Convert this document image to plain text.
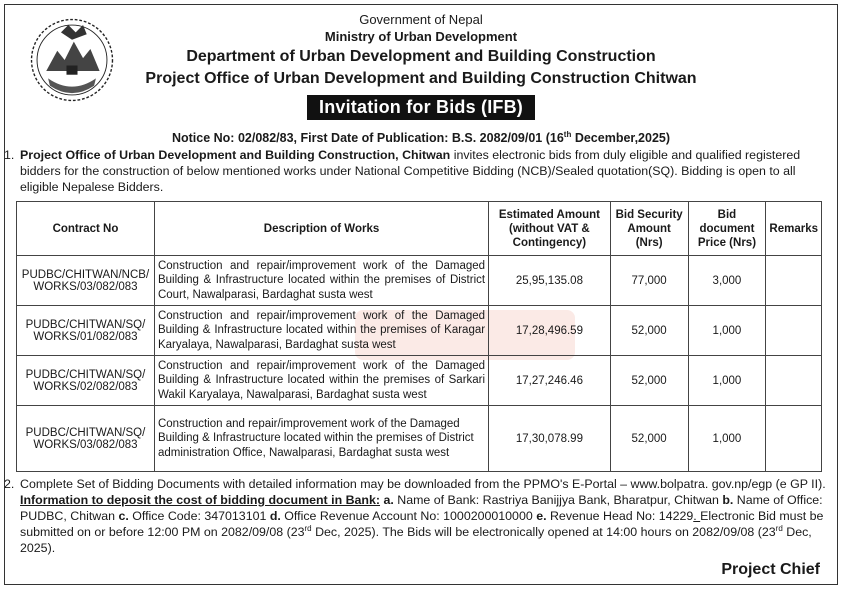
Government of Nepal
Ministry of Urban Development
Department of Urban Development and Building Construction
Project Office of Urban Development and Building Construction Chitwan
Invitation for Bids (IFB)
Notice No: 02/082/83, First Date of Publication: B.S. 2082/09/01 (16th December,2025)
1. Project Office of Urban Development and Building Construction, Chitwan invites electronic bids from duly eligible and qualified registered bidders for the construction of below mentioned works under National Competitive Bidding (NCB)/Sealed quotation(SQ). Bidding is open to all eligible Nepalese Bidders.
Contract No	Description of Works	Estimated Amount (without VAT & Contingency)	Bid Security Amount (Nrs)	Bid document Price (Nrs)	Remarks
PUDBC/CHITWAN/NCB/ WORKS/03/082/083	Construction and repair/improvement work of the Damaged Building & Infrastructure located within the premises of District Court, Nawalparasi, Bardaghat susta west	25,95,135.08	77,000	3,000	
PUDBC/CHITWAN/SQ/ WORKS/01/082/083	Construction and repair/improvement work of the Damaged Building & Infrastructure located within the premises of Karagar Karyalaya, Nawalparasi, Bardaghat susta west	17,28,496.59	52,000	1,000	
PUDBC/CHITWAN/SQ/ WORKS/02/082/083	Construction and repair/improvement work of the Damaged Building & Infrastructure located within the premises of Sarkari Wakil Karyalaya, Nawalparasi, Bardaghat susta west	17,27,246.46	52,000	1,000	
PUDBC/CHITWAN/SQ/ WORKS/03/082/083	Construction and repair/improvement work of the Damaged Building & Infrastructure located within the premises of District administration Office, Nawalparasi, Bardaghat susta west	17,30,078.99	52,000	1,000	
2. Complete Set of Bidding Documents with detailed information may be downloaded from the PPMO's E-Portal – www.bolpatra. gov.np/egp (e GP II). Information to deposit the cost of bidding document in Bank: a. Name of Bank: Rastriya Banijjya Bank, Bharatpur, Chitwan b. Name of Office: PUDBC, Chitwan c. Office Code: 347013101 d. Office Revenue Account No: 1000200010000 e. Revenue Head No: 14229. Electronic Bid must be submitted on or before 12:00 PM on 2082/09/08 (23rd Dec, 2025). The Bids will be electronically opened at 14:00 hours on 2082/09/08 (23rd Dec, 2025).
Project Chief
